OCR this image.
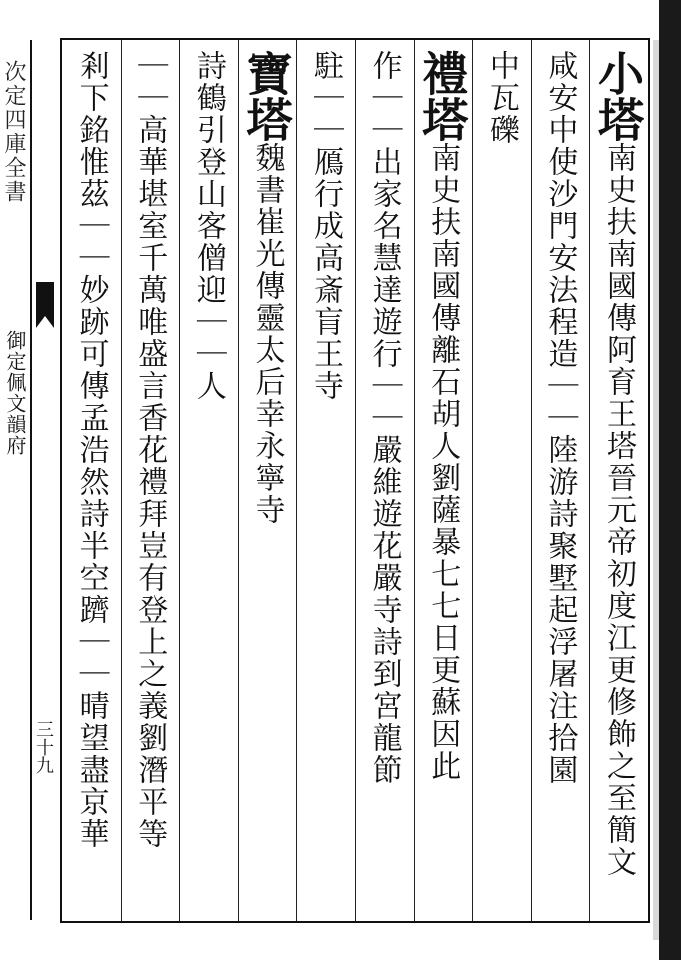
次定四庫全書
御定佩文韻府
三十九
小塔南史扶南國傳阿育王塔晉元帝初度江更修飾之至簡文
咸安中使沙門安法程造｜｜陸游詩聚墅起浮屠注拾園
中瓦礫
禮塔南史扶南國傳離石胡人劉薩暴七七日更蘇因此
作｜｜出家名慧達遊行｜｜嚴維遊花嚴寺詩到宮龍節
駐｜｜鴈行成高斎肓王寺
寶塔魏書崔光傳靈太后幸永寧寺
詩鶴引登山客僧迎｜｜人
｜｜高華堪室千萬唯盛言香花禮拜豈有登上之義劉潛平等
剎下銘惟茲｜｜妙跡可傳孟浩然詩半空躋｜｜晴望盡京華
